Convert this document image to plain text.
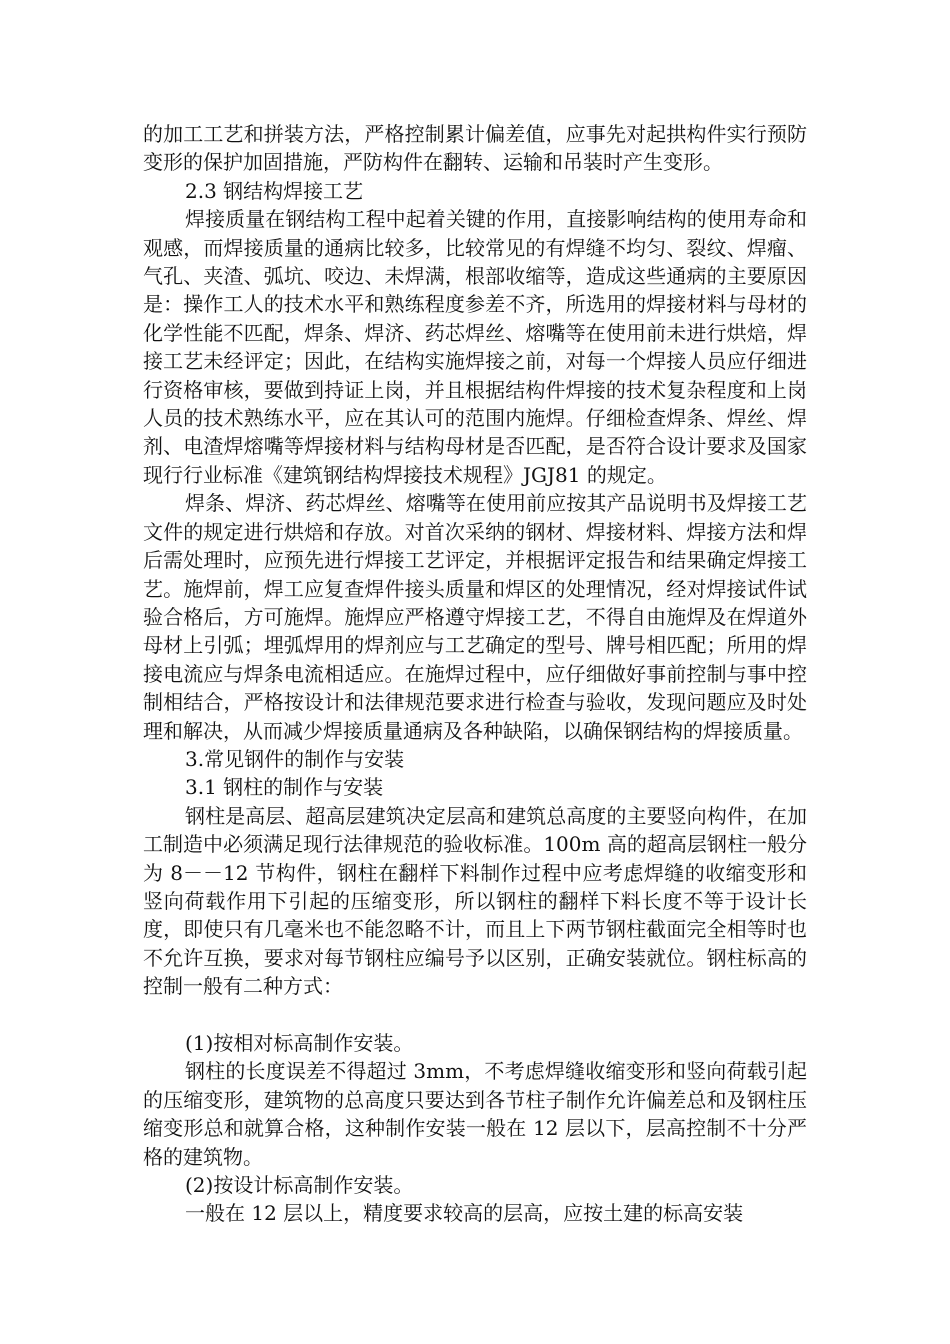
的加工工艺和拼装方法，严格控制累计偏差值，应事先对起拱构件实行预防变形的保护加固措施，严防构件在翻转、运输和吊装时产生变形。

2.3 钢结构焊接工艺

焊接质量在钢结构工程中起着关键的作用，直接影响结构的使用寿命和观感，而焊接质量的通病比较多，比较常见的有焊缝不均匀、裂纹、焊瘤、气孔、夹渣、弧坑、咬边、未焊满，根部收缩等，造成这些通病的主要原因是：操作工人的技术水平和熟练程度参差不齐，所选用的焊接材料与母材的化学性能不匹配，焊条、焊济、药芯焊丝、熔嘴等在使用前未进行烘焙，焊接工艺未经评定；因此，在结构实施焊接之前，对每一个焊接人员应仔细进行资格审核，要做到持证上岗，并且根据结构件焊接的技术复杂程度和上岗人员的技术熟练水平，应在其认可的范围内施焊。仔细检查焊条、焊丝、焊剂、电渣焊熔嘴等焊接材料与结构母材是否匹配，是否符合设计要求及国家现行行业标准《建筑钢结构焊接技术规程》JGJ81 的规定。

焊条、焊济、药芯焊丝、熔嘴等在使用前应按其产品说明书及焊接工艺文件的规定进行烘焙和存放。对首次采纳的钢材、焊接材料、焊接方法和焊后需处理时，应预先进行焊接工艺评定，并根据评定报告和结果确定焊接工艺。施焊前，焊工应复查焊件接头质量和焊区的处理情况，经对焊接试件试验合格后，方可施焊。施焊应严格遵守焊接工艺，不得自由施焊及在焊道外母材上引弧；埋弧焊用的焊剂应与工艺确定的型号、牌号相匹配；所用的焊接电流应与焊条电流相适应。在施焊过程中，应仔细做好事前控制与事中控制相结合，严格按设计和法律规范要求进行检查与验收，发现问题应及时处理和解决，从而减少焊接质量通病及各种缺陷，以确保钢结构的焊接质量。

3.常见钢件的制作与安装

3.1 钢柱的制作与安装

钢柱是高层、超高层建筑决定层高和建筑总高度的主要竖向构件，在加工制造中必须满足现行法律规范的验收标准。100m 高的超高层钢柱一般分为 8－－12 节构件，钢柱在翻样下料制作过程中应考虑焊缝的收缩变形和竖向荷载作用下引起的压缩变形，所以钢柱的翻样下料长度不等于设计长度，即使只有几毫米也不能忽略不计，而且上下两节钢柱截面完全相等时也不允许互换，要求对每节钢柱应编号予以区别，正确安装就位。钢柱标高的控制一般有二种方式：

(1)按相对标高制作安装。

钢柱的长度误差不得超过 3mm，不考虑焊缝收缩变形和竖向荷载引起的压缩变形，建筑物的总高度只要达到各节柱子制作允许偏差总和及钢柱压缩变形总和就算合格，这种制作安装一般在 12 层以下，层高控制不十分严格的建筑物。

(2)按设计标高制作安装。

一般在 12 层以上，精度要求较高的层高，应按土建的标高安装
